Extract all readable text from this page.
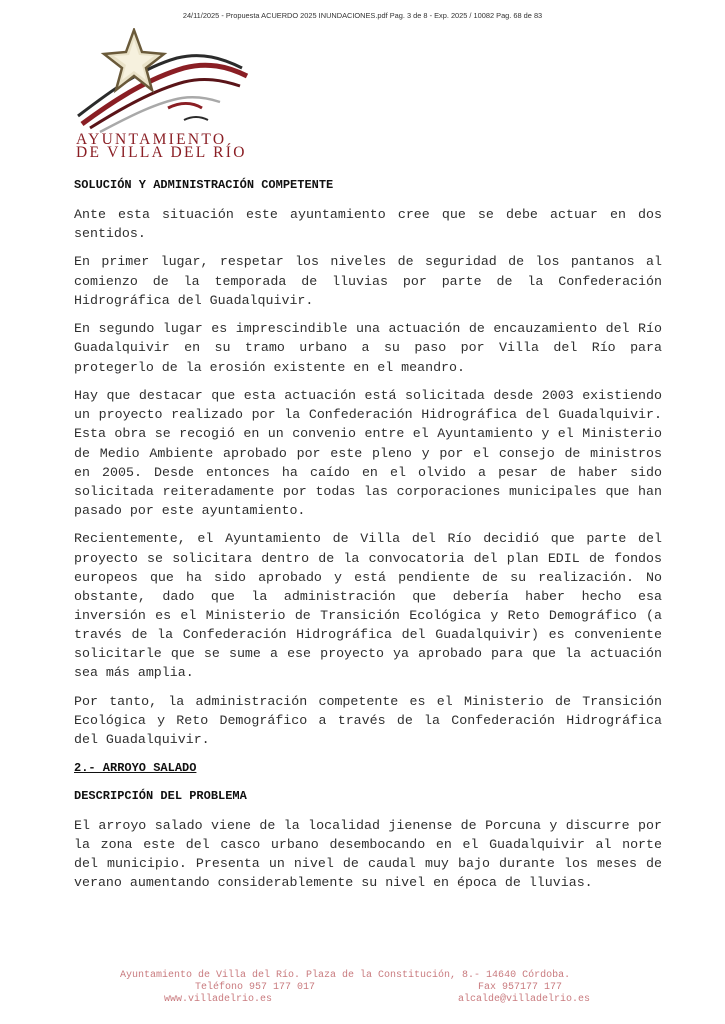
24/11/2025 - Propuesta ACUERDO 2025 INUNDACIONES.pdf Pag. 3 de 8 - Exp. 2025 / 10082 Pag. 68 de 83
AYUNTAMIENTO
DE VILLA DEL RÍO
SOLUCIÓN Y ADMINISTRACIÓN COMPETENTE

Ante esta situación este ayuntamiento cree que se debe actuar en dos sentidos.

En primer lugar, respetar los niveles de seguridad de los pantanos al comienzo de la temporada de lluvias por parte de la Confederación Hidrográfica del Guadalquivir.

En segundo lugar es imprescindible una actuación de encauzamiento del Río Guadalquivir en su tramo urbano a su paso por Villa del Río para protegerlo de la erosión existente en el meandro.

Hay que destacar que esta actuación está solicitada desde 2003 existiendo un proyecto realizado por la Confederación Hidrográfica del Guadalquivir. Esta obra se recogió en un convenio entre el Ayuntamiento y el Ministerio de Medio Ambiente aprobado por este pleno y por el consejo de ministros en 2005. Desde entonces ha caído en el olvido a pesar de haber sido solicitada reiteradamente por todas las corporaciones municipales que han pasado por este ayuntamiento.

Recientemente, el Ayuntamiento de Villa del Río decidió que parte del proyecto se solicitara dentro de la convocatoria del plan EDIL de fondos europeos que ha sido aprobado y está pendiente de su realización. No obstante, dado que la administración que debería haber hecho esa inversión es el Ministerio de Transición Ecológica y Reto Demográfico (a través de la Confederación Hidrográfica del Guadalquivir) es conveniente solicitarle que se sume a ese proyecto ya aprobado para que la actuación sea más amplia.

Por tanto, la administración competente es el Ministerio de Transición Ecológica y Reto Demográfico a través de la Confederación Hidrográfica del Guadalquivir.

2.- ARROYO SALADO
DESCRIPCIÓN DEL PROBLEMA

El arroyo salado viene de la localidad jienense de Porcuna y discurre por la zona este del casco urbano desembocando en el Guadalquivir al norte del municipio. Presenta un nivel de caudal muy bajo durante los meses de verano aumentando considerablemente su nivel en época de lluvias.

Ayuntamiento de Villa del Río. Plaza de la Constitución, 8.- 14640 Córdoba.
Teléfono 957 177 017	Fax 957177 177
www.villadelrio.es	alcalde@villadelrio.es
